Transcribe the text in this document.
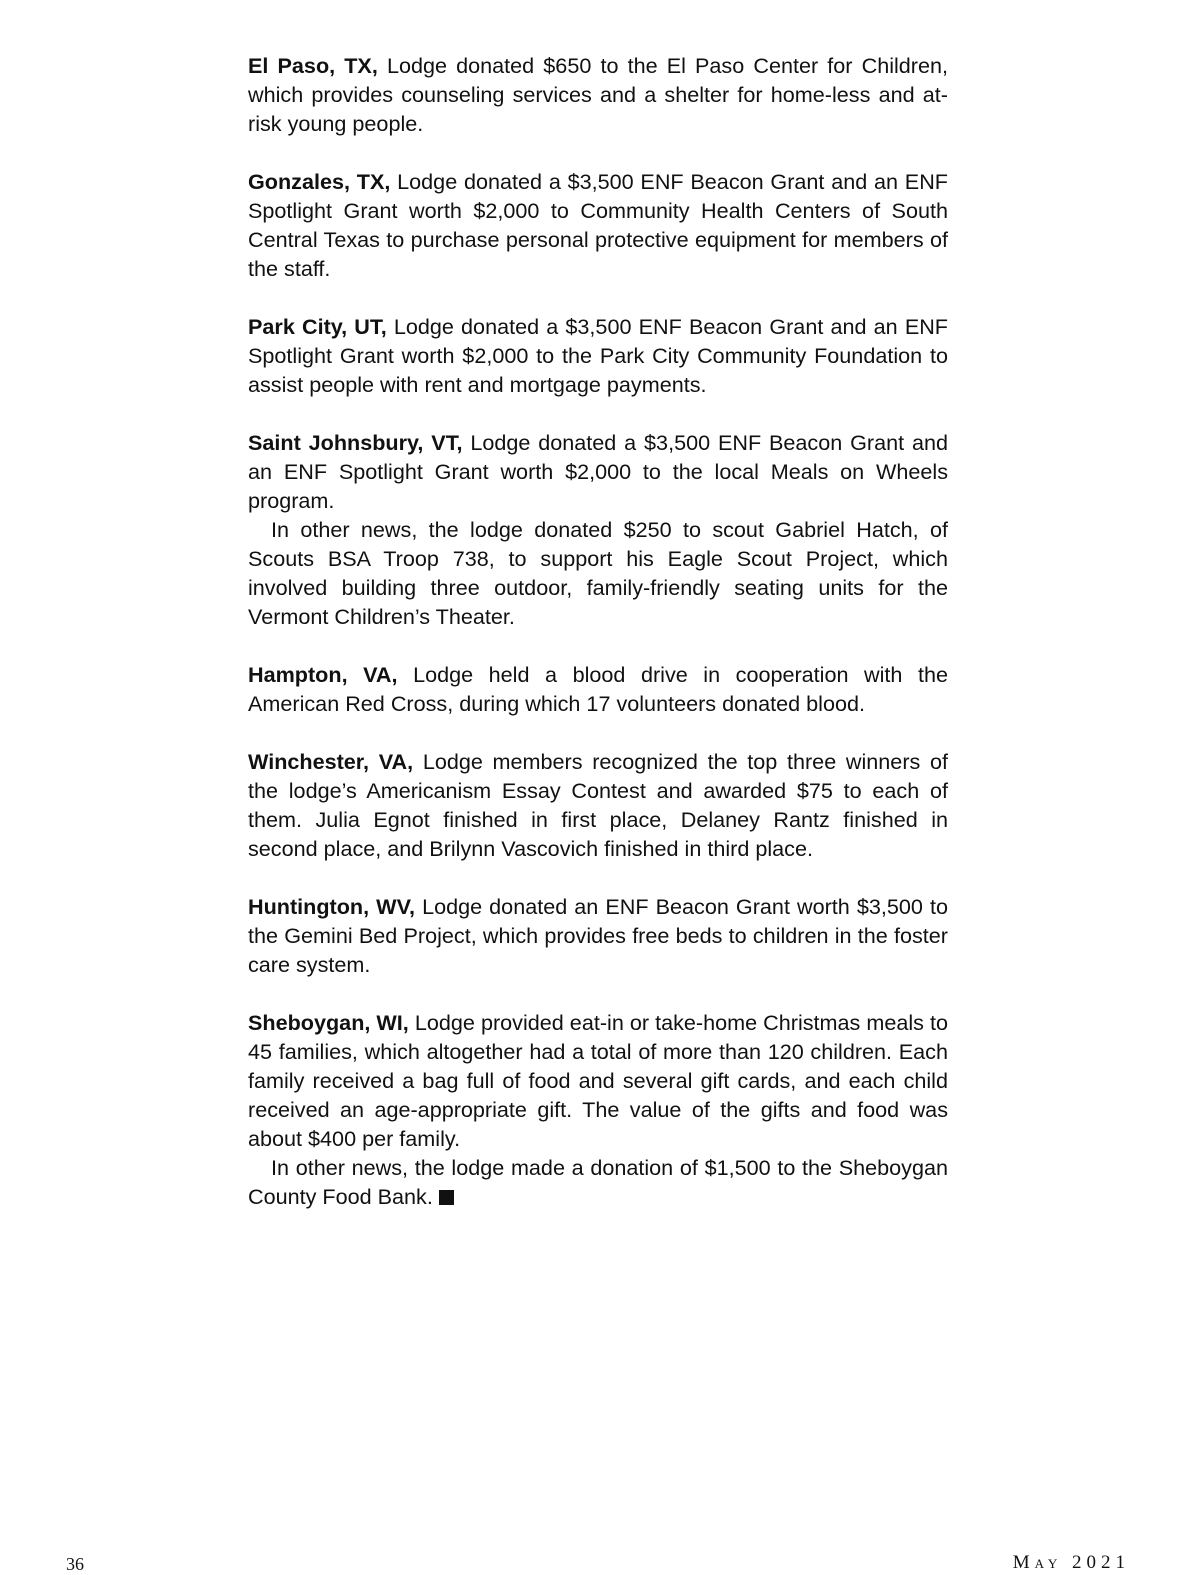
El Paso, TX, Lodge donated $650 to the El Paso Center for Children, which provides counseling services and a shelter for home-less and at-risk young people.

Gonzales, TX, Lodge donated a $3,500 ENF Beacon Grant and an ENF Spotlight Grant worth $2,000 to Community Health Centers of South Central Texas to purchase personal protective equipment for members of the staff.

Park City, UT, Lodge donated a $3,500 ENF Beacon Grant and an ENF Spotlight Grant worth $2,000 to the Park City Community Foundation to assist people with rent and mortgage payments.

Saint Johnsbury, VT, Lodge donated a $3,500 ENF Beacon Grant and an ENF Spotlight Grant worth $2,000 to the local Meals on Wheels program.

In other news, the lodge donated $250 to scout Gabriel Hatch, of Scouts BSA Troop 738, to support his Eagle Scout Project, which involved building three outdoor, family-friendly seating units for the Vermont Children’s Theater.

Hampton, VA, Lodge held a blood drive in cooperation with the American Red Cross, during which 17 volunteers donated blood.

Winchester, VA, Lodge members recognized the top three winners of the lodge’s Americanism Essay Contest and awarded $75 to each of them. Julia Egnot finished in first place, Delaney Rantz finished in second place, and Brilynn Vascovich finished in third place.

Huntington, WV, Lodge donated an ENF Beacon Grant worth $3,500 to the Gemini Bed Project, which provides free beds to children in the foster care system.

Sheboygan, WI, Lodge provided eat-in or take-home Christmas meals to 45 families, which altogether had a total of more than 120 children. Each family received a bag full of food and several gift cards, and each child received an age-appropriate gift. The value of the gifts and food was about $400 per family.

In other news, the lodge made a donation of $1,500 to the Sheboygan County Food Bank.

36	May 2021
